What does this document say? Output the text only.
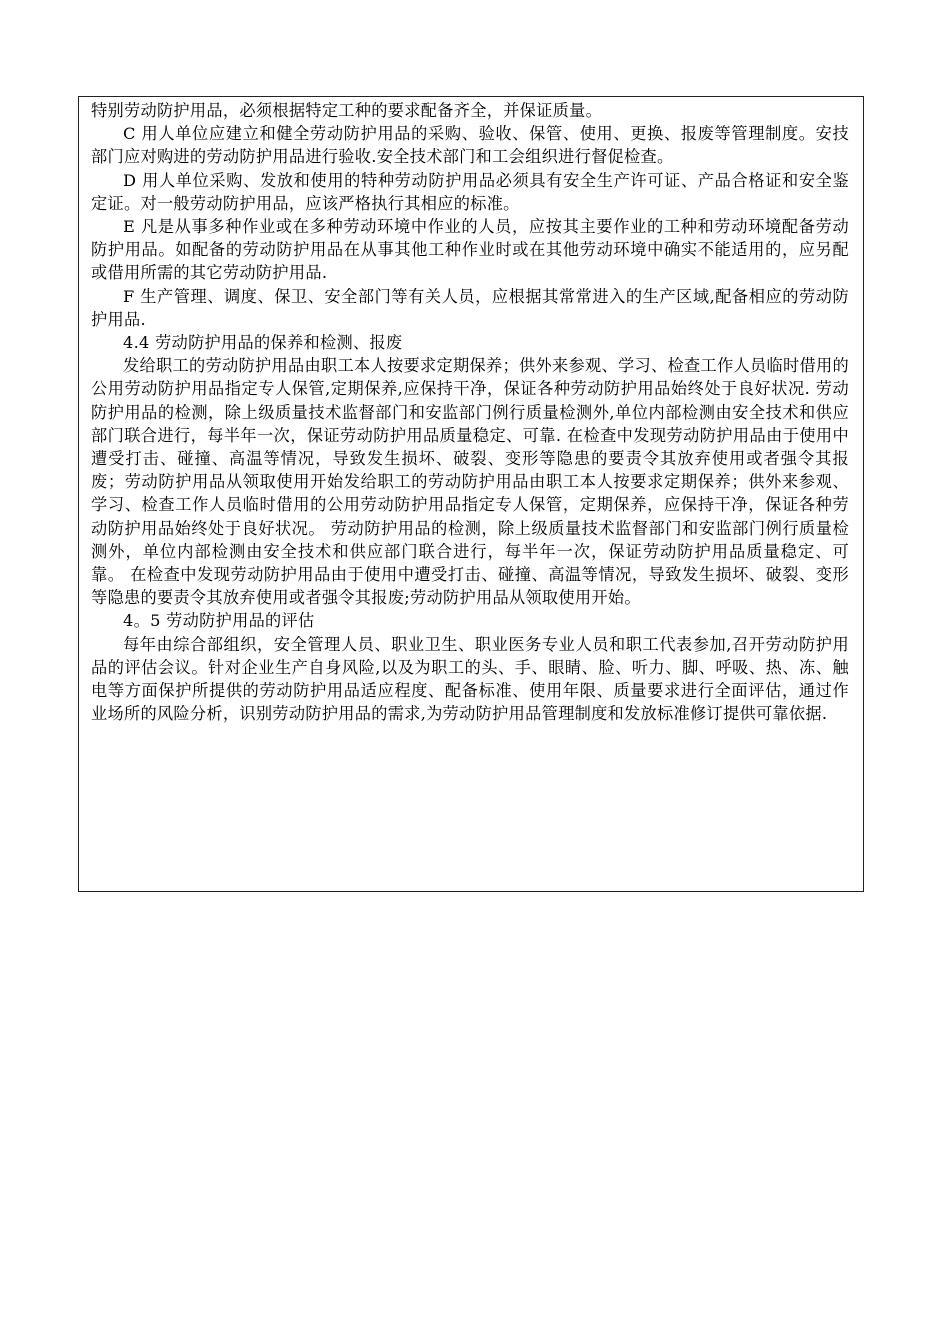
特别劳动防护用品，必须根据特定工种的要求配备齐全，并保证质量。

C 用人单位应建立和健全劳动防护用品的采购、验收、保管、使用、更换、报废等管理制度。安技部门应对购进的劳动防护用品进行验收.安全技术部门和工会组织进行督促检查。

D 用人单位采购、发放和使用的特种劳动防护用品必须具有安全生产许可证、产品合格证和安全鉴定证。对一般劳动防护用品，应该严格执行其相应的标准。

E 凡是从事多种作业或在多种劳动环境中作业的人员，应按其主要作业的工种和劳动环境配备劳动防护用品。如配备的劳动防护用品在从事其他工种作业时或在其他劳动环境中确实不能适用的，应另配或借用所需的其它劳动防护用品.

F 生产管理、调度、保卫、安全部门等有关人员，应根据其常常进入的生产区域,配备相应的劳动防护用品.

4.4 劳动防护用品的保养和检测、报废

发给职工的劳动防护用品由职工本人按要求定期保养；供外来参观、学习、检查工作人员临时借用的公用劳动防护用品指定专人保管,定期保养,应保持干净，保证各种劳动防护用品始终处于良好状况. 劳动防护用品的检测，除上级质量技术监督部门和安监部门例行质量检测外,单位内部检测由安全技术和供应部门联合进行，每半年一次，保证劳动防护用品质量稳定、可靠. 在检查中发现劳动防护用品由于使用中遭受打击、碰撞、高温等情况，导致发生损坏、破裂、变形等隐患的要责令其放弃使用或者强令其报废；劳动防护用品从领取使用开始发给职工的劳动防护用品由职工本人按要求定期保养；供外来参观、学习、检查工作人员临时借用的公用劳动防护用品指定专人保管，定期保养，应保持干净，保证各种劳动防护用品始终处于良好状况。 劳动防护用品的检测，除上级质量技术监督部门和安监部门例行质量检测外，单位内部检测由安全技术和供应部门联合进行，每半年一次，保证劳动防护用品质量稳定、可靠。 在检查中发现劳动防护用品由于使用中遭受打击、碰撞、高温等情况，导致发生损坏、破裂、变形等隐患的要责令其放弃使用或者强令其报废;劳动防护用品从领取使用开始。

4。5 劳动防护用品的评估

每年由综合部组织，安全管理人员、职业卫生、职业医务专业人员和职工代表参加,召开劳动防护用品的评估会议。针对企业生产自身风险,以及为职工的头、手、眼睛、脸、听力、脚、呼吸、热、冻、触电等方面保护所提供的劳动防护用品适应程度、配备标准、使用年限、质量要求进行全面评估，通过作业场所的风险分析，识别劳动防护用品的需求,为劳动防护用品管理制度和发放标准修订提供可靠依据.
